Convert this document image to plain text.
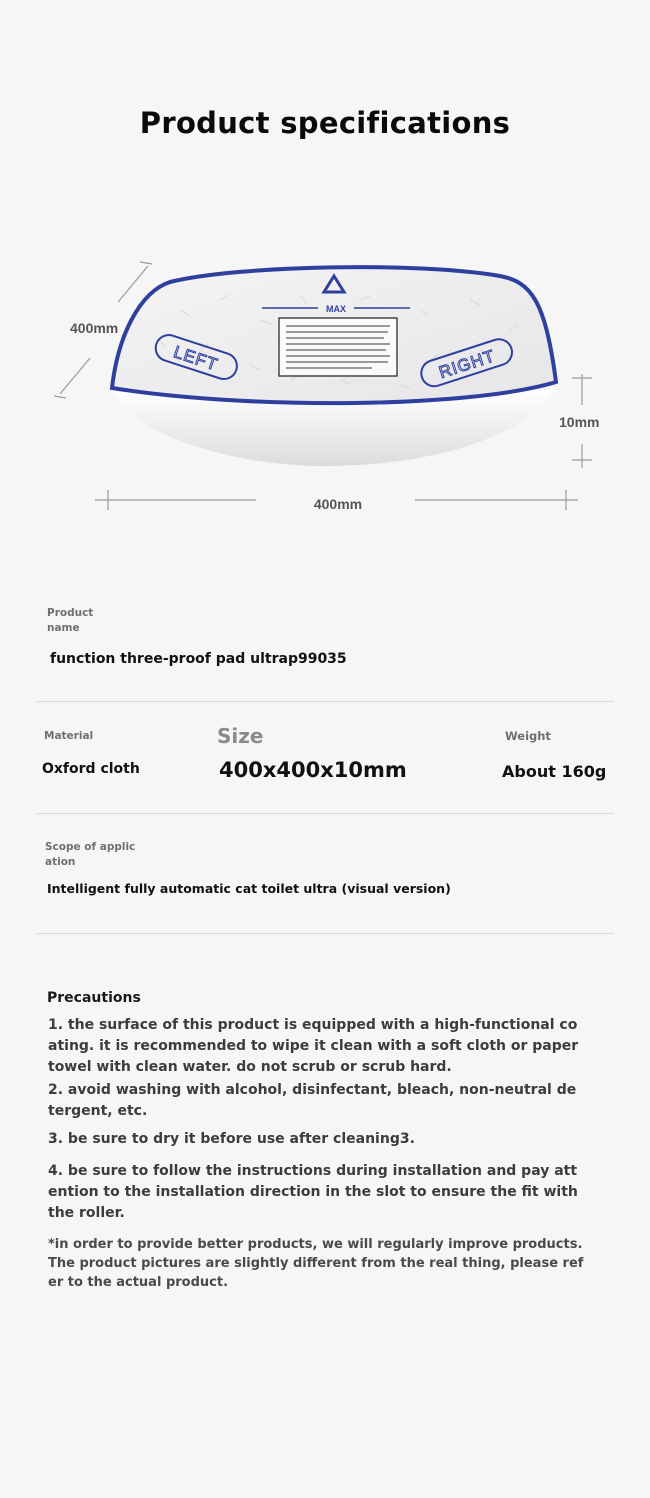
Product specifications
MAX
LEFT	RIGHT
400mm
10mm
400mm
Product name
function three-proof pad ultrap99035
Material
Oxford cloth
Size
400x400x10mm
Weight
About 160g
Scope of application
Intelligent fully automatic cat toilet ultra (visual version)
Precautions
1. the surface of this product is equipped with a high-functional coating. it is recommended to wipe it clean with a soft cloth or paper towel with clean water. do not scrub or scrub hard.
2. avoid washing with alcohol, disinfectant, bleach, non-neutral detergent, etc.
3. be sure to dry it before use after cleaning3.
4. be sure to follow the instructions during installation and pay attention to the installation direction in the slot to ensure the fit with the roller.
*in order to provide better products, we will regularly improve products. The product pictures are slightly different from the real thing, please refer to the actual product.
